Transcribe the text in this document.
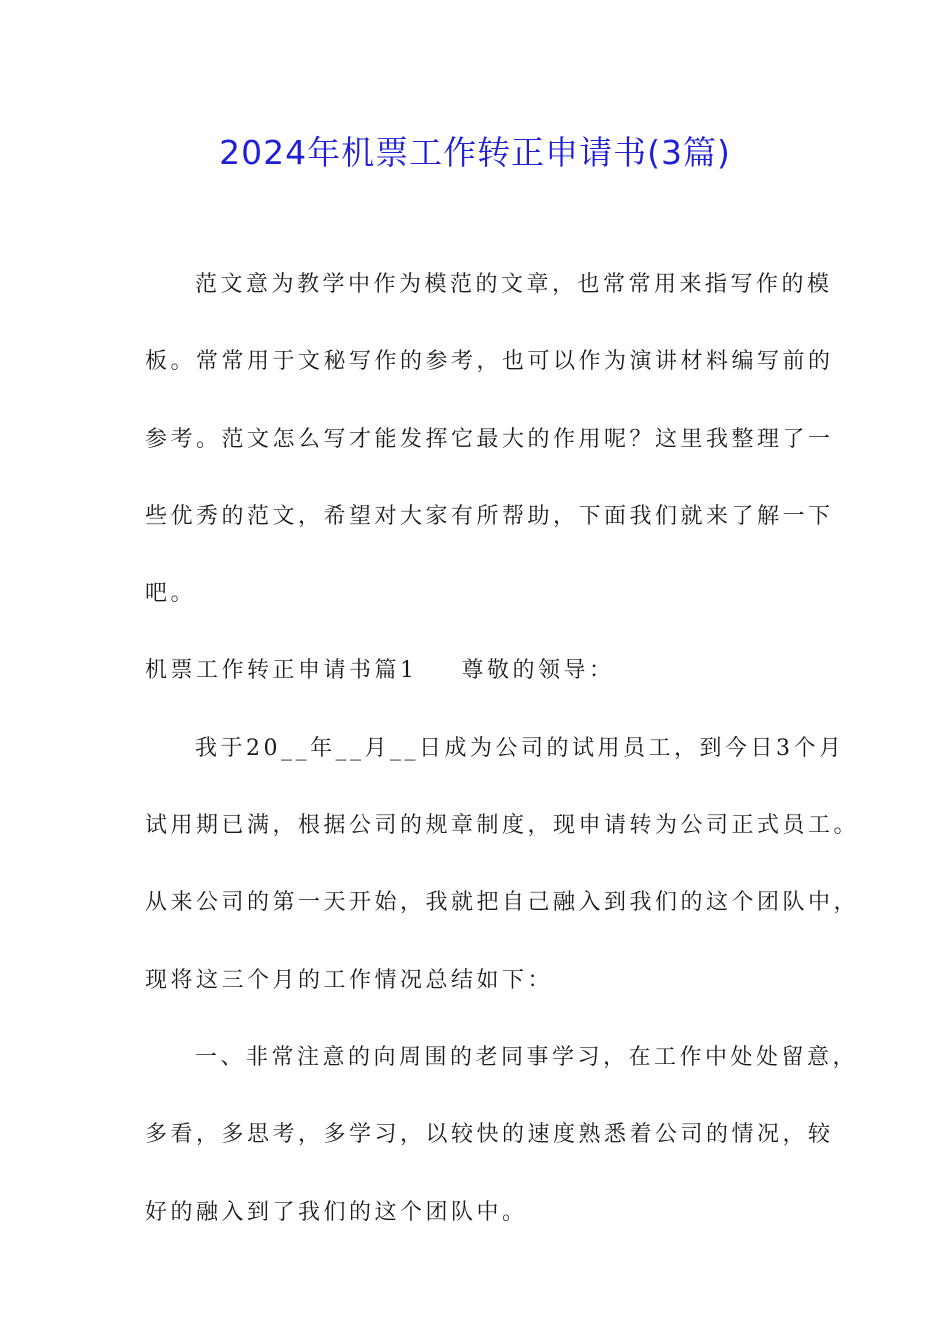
2024年机票工作转正申请书(3篇)
范文意为教学中作为模范的文章，也常常用来指写作的模
板。常常用于文秘写作的参考，也可以作为演讲材料编写前的
参考。范文怎么写才能发挥它最大的作用呢？这里我整理了一
些优秀的范文，希望对大家有所帮助，下面我们就来了解一下
吧。
机票工作转正申请书篇1 尊敬的领导：
我于20__年__月__日成为公司的试用员工，到今日3个月
试用期已满，根据公司的规章制度，现申请转为公司正式员工。
从来公司的第一天开始，我就把自己融入到我们的这个团队中，
现将这三个月的工作情况总结如下：
一、非常注意的向周围的老同事学习，在工作中处处留意，
多看，多思考，多学习，以较快的速度熟悉着公司的情况，较
好的融入到了我们的这个团队中。
